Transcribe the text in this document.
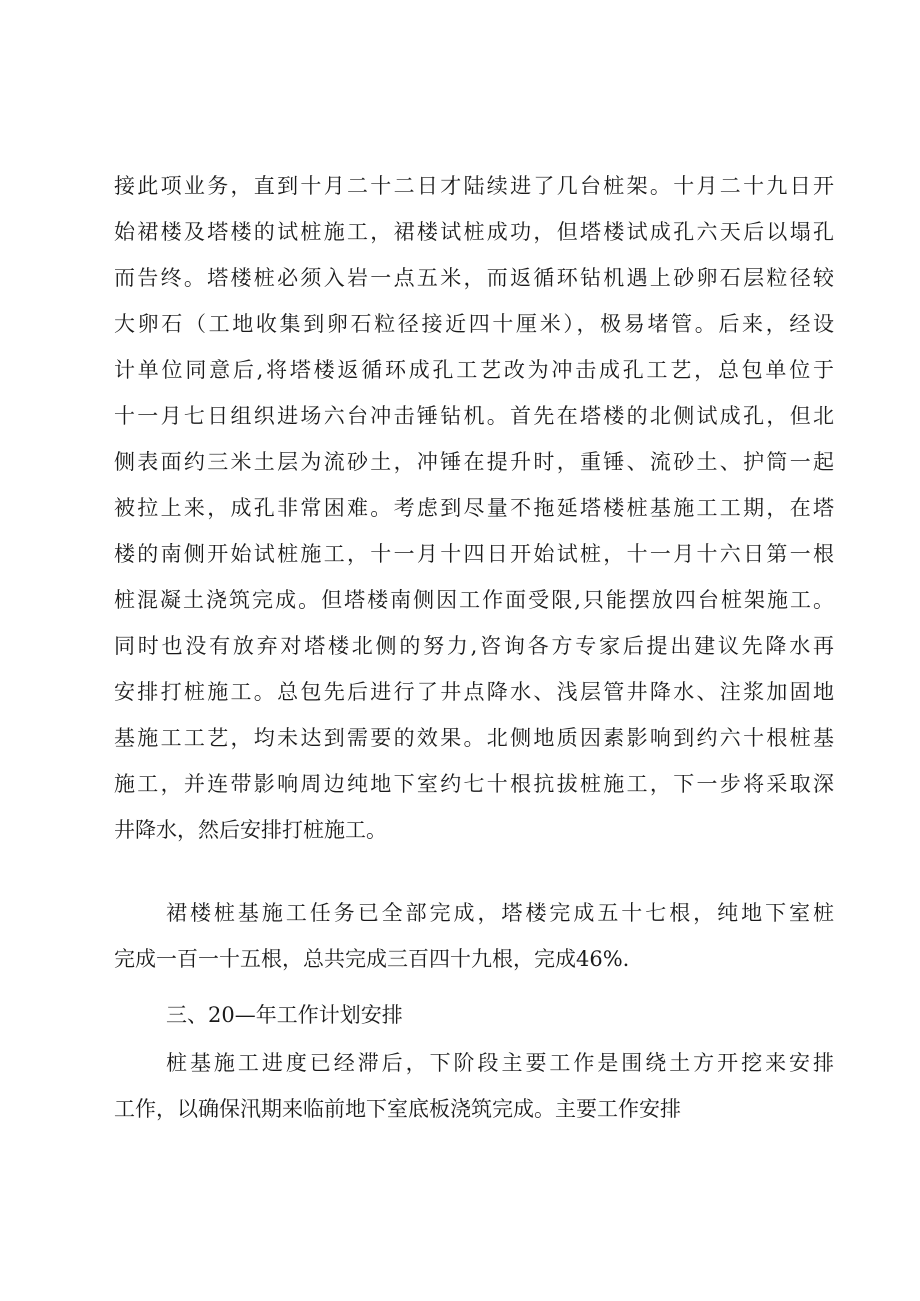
接此项业务，直到十月二十二日才陆续进了几台桩架。十月二十九日开
始裙楼及塔楼的试桩施工，裙楼试桩成功，但塔楼试成孔六天后以塌孔
而告终。塔楼桩必须入岩一点五米，而返循环钻机遇上砂卵石层粒径较
大卵石（工地收集到卵石粒径接近四十厘米），极易堵管。后来，经设
计单位同意后,将塔楼返循环成孔工艺改为冲击成孔工艺，总包单位于
十一月七日组织进场六台冲击锤钻机。首先在塔楼的北侧试成孔，但北
侧表面约三米土层为流砂土，冲锤在提升时，重锤、流砂土、护筒一起
被拉上来，成孔非常困难。考虑到尽量不拖延塔楼桩基施工工期，在塔
楼的南侧开始试桩施工，十一月十四日开始试桩，十一月十六日第一根
桩混凝土浇筑完成。但塔楼南侧因工作面受限,只能摆放四台桩架施工。
同时也没有放弃对塔楼北侧的努力,咨询各方专家后提出建议先降水再
安排打桩施工。总包先后进行了井点降水、浅层管井降水、注浆加固地
基施工工艺，均未达到需要的效果。北侧地质因素影响到约六十根桩基
施工，并连带影响周边纯地下室约七十根抗拔桩施工，下一步将采取深
井降水，然后安排打桩施工。
裙楼桩基施工任务已全部完成，塔楼完成五十七根，纯地下室桩
完成一百一十五根，总共完成三百四十九根，完成46%.
三、20—年工作计划安排
桩基施工进度已经滞后，下阶段主要工作是围绕土方开挖来安排
工作，以确保汛期来临前地下室底板浇筑完成。主要工作安排
